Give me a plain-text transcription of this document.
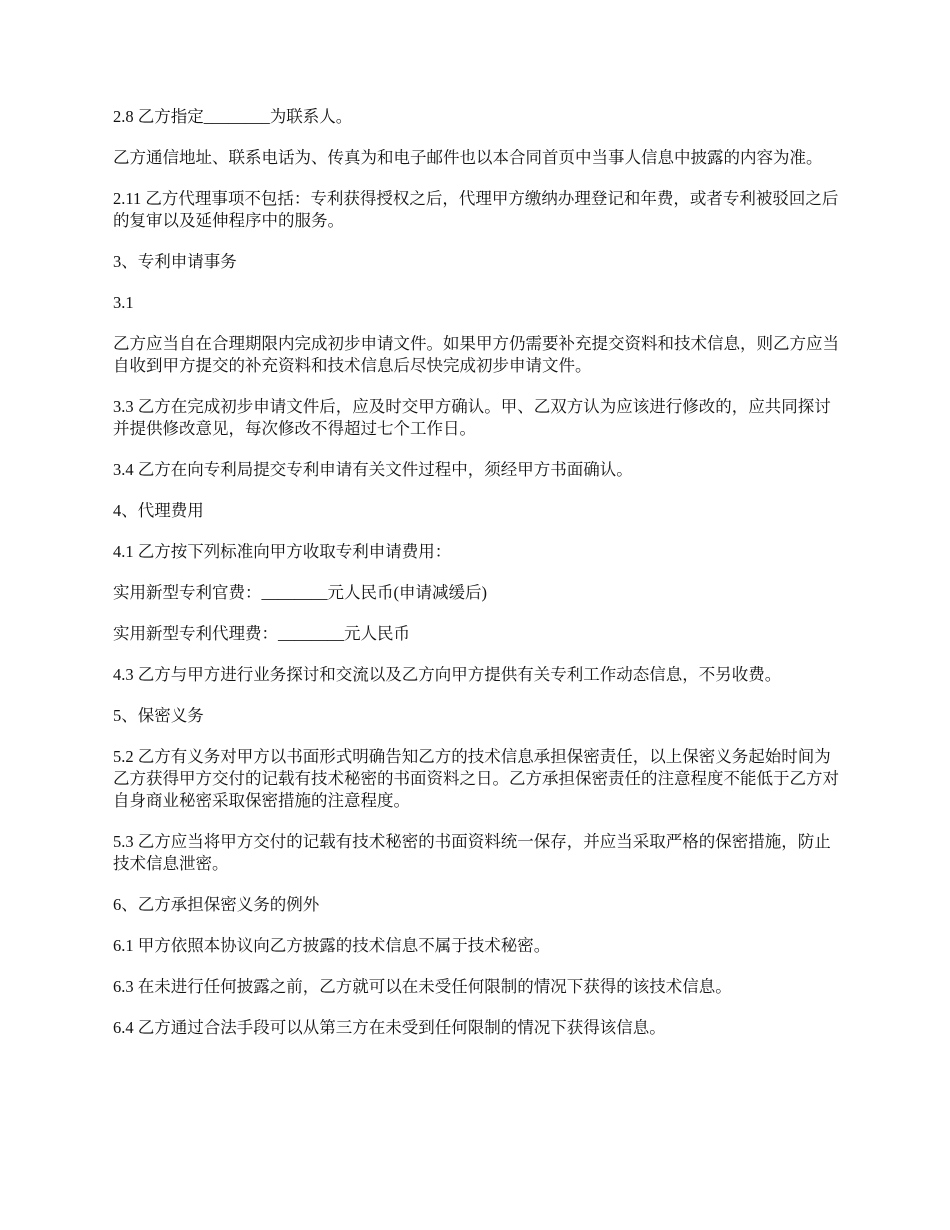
2.8 乙方指定________为联系人。

乙方通信地址、联系电话为、传真为和电子邮件也以本合同首页中当事人信息中披露的内容为准。

2.11 乙方代理事项不包括：专利获得授权之后，代理甲方缴纳办理登记和年费，或者专利被驳回之后的复审以及延伸程序中的服务。

3、专利申请事务

3.1

乙方应当自在合理期限内完成初步申请文件。如果甲方仍需要补充提交资料和技术信息，则乙方应当自收到甲方提交的补充资料和技术信息后尽快完成初步申请文件。

3.3 乙方在完成初步申请文件后，应及时交甲方确认。甲、乙双方认为应该进行修改的，应共同探讨并提供修改意见，每次修改不得超过七个工作日。

3.4 乙方在向专利局提交专利申请有关文件过程中，须经甲方书面确认。

4、代理费用

4.1 乙方按下列标准向甲方收取专利申请费用：

实用新型专利官费：________元人民币(申请减缓后)

实用新型专利代理费：________元人民币

4.3 乙方与甲方进行业务探讨和交流以及乙方向甲方提供有关专利工作动态信息，不另收费。

5、保密义务

5.2 乙方有义务对甲方以书面形式明确告知乙方的技术信息承担保密责任，以上保密义务起始时间为乙方获得甲方交付的记载有技术秘密的书面资料之日。乙方承担保密责任的注意程度不能低于乙方对自身商业秘密采取保密措施的注意程度。

5.3 乙方应当将甲方交付的记载有技术秘密的书面资料统一保存，并应当采取严格的保密措施，防止技术信息泄密。

6、乙方承担保密义务的例外

6.1 甲方依照本协议向乙方披露的技术信息不属于技术秘密。

6.3 在未进行任何披露之前，乙方就可以在未受任何限制的情况下获得的该技术信息。

6.4 乙方通过合法手段可以从第三方在未受到任何限制的情况下获得该信息。
